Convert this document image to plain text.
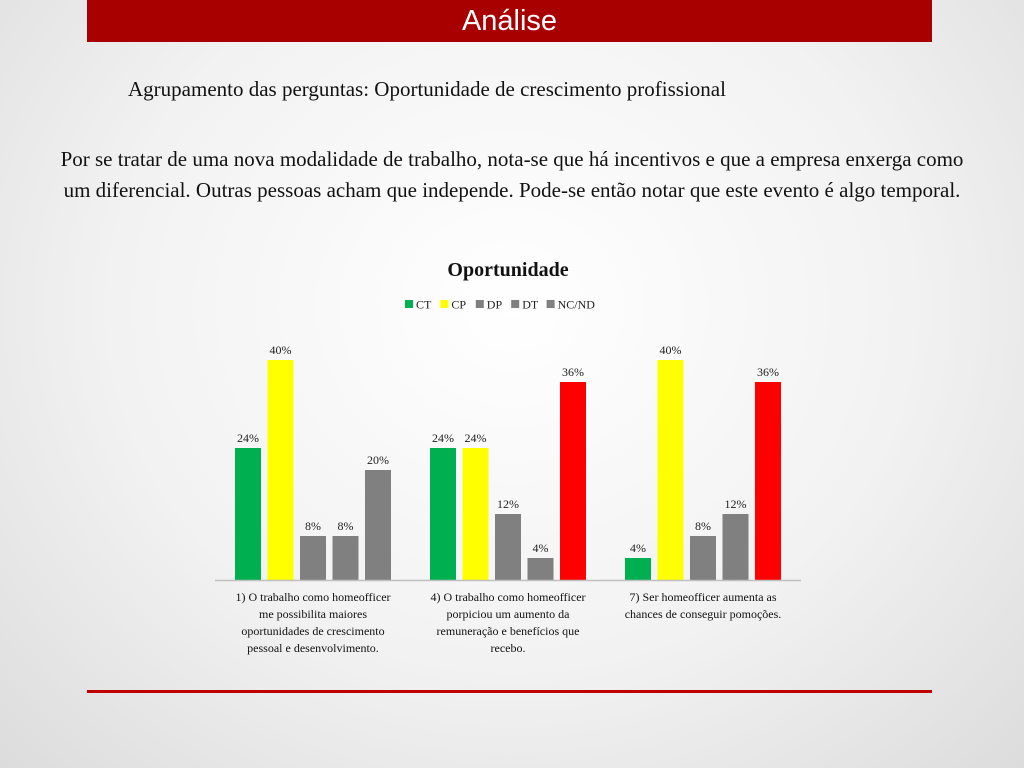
Análise
Agrupamento das perguntas: Oportunidade de crescimento profissional
Por se tratar de uma nova modalidade de trabalho, nota-se que há incentivos e que a empresa enxerga como um diferencial. Outras pessoas acham que independe. Pode-se então notar que este evento é algo temporal.
Oportunidade
CT CP DP DT NC/ND
24%	24%
4%
40%
24%
40%
8%
12%
8%
8%
4%
12%
20%
36%	36%
1) O trabalho como homeofficer
me possibilita maiores
oportunidades de crescimento
pessoal e desenvolvimento.
4) O trabalho como homeofficer
porpiciou um aumento da
remuneração e benefícios que
recebo.
7) Ser homeofficer aumenta as
chances de conseguir pomoções.
